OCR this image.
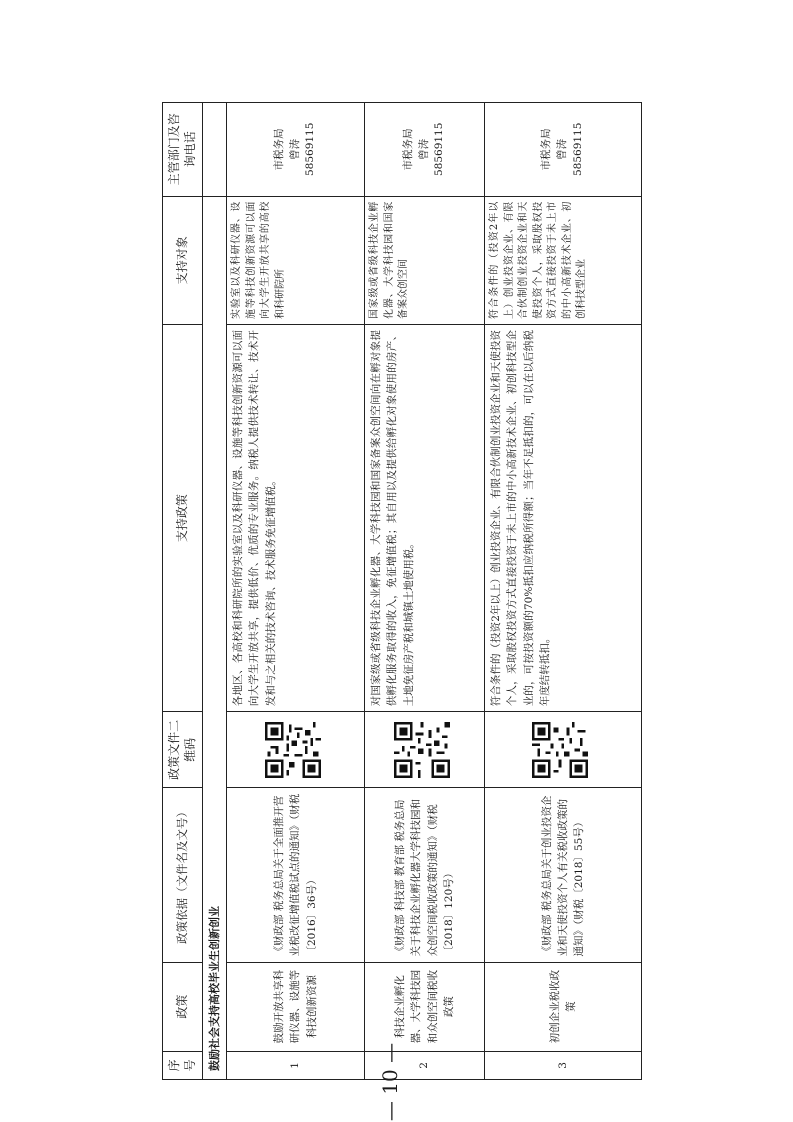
序号	政策	政策依据（文件名及文号）	政策文件二维码	支持政策	支持对象	主管部门及咨询电话
鼓励社会支持高校毕业生创新创业						
1	鼓励开放共享科研仪器、设施等科技创新资源	《财政部 税务总局关于全面推开营业税改征增值税试点的通知》（财税〔2016〕36号）		各地区、各高校和科研院所的实验室以及科研仪器、设施等科技创新资源可以面向大学生开放共享，提供低价、优质的专业服务。纳税人提供技术转让、技术开发和与之相关的技术咨询、技术服务免征增值税。	实验室以及科研仪器、设施等科技创新资源可以面向大学生开放共享的高校和科研院所	市税务局 曾涛 58569115

2	科技企业孵化器、大学科技园和众创空间税收政策	《财政部 科技部 教育部 税务总局关于科技企业孵化器大学科技园和众创空间税收政策的通知》（财税〔2018〕120号）		对国家级或省级科技企业孵化器、大学科技园和国家备案众创空间向在孵对象提供孵化服务取得的收入，免征增值税；其自用以及提供给孵化对象使用的房产、土地免征房产税和城镇土地使用税。	国家级或省级科技企业孵化器、大学科技园和国家备案众创空间	市税务局 曾涛 58569115

3	初创企业税收政策	《财政部 税务总局关于创业投资企业和天使投资个人有关税收政策的通知》（财税〔2018〕55号）		符合条件的（投资2年以上）创业投资企业、有限合伙制创业投资企业和天使投资个人，采取股权投资方式直接投资于未上市的中小高新技术企业、初创科技型企业的，可按投资额的70%抵扣应纳税所得额；当年不足抵扣的，可以在以后纳税年度结转抵扣。	符合条件的（投资2年以上）创业投资企业、有限合伙制创业投资企业和天使投资个人，采取股权投资方式直接投资于未上市的中小高新技术企业、初创科技型企业	市税务局 曾涛 58569115
— 10 —
